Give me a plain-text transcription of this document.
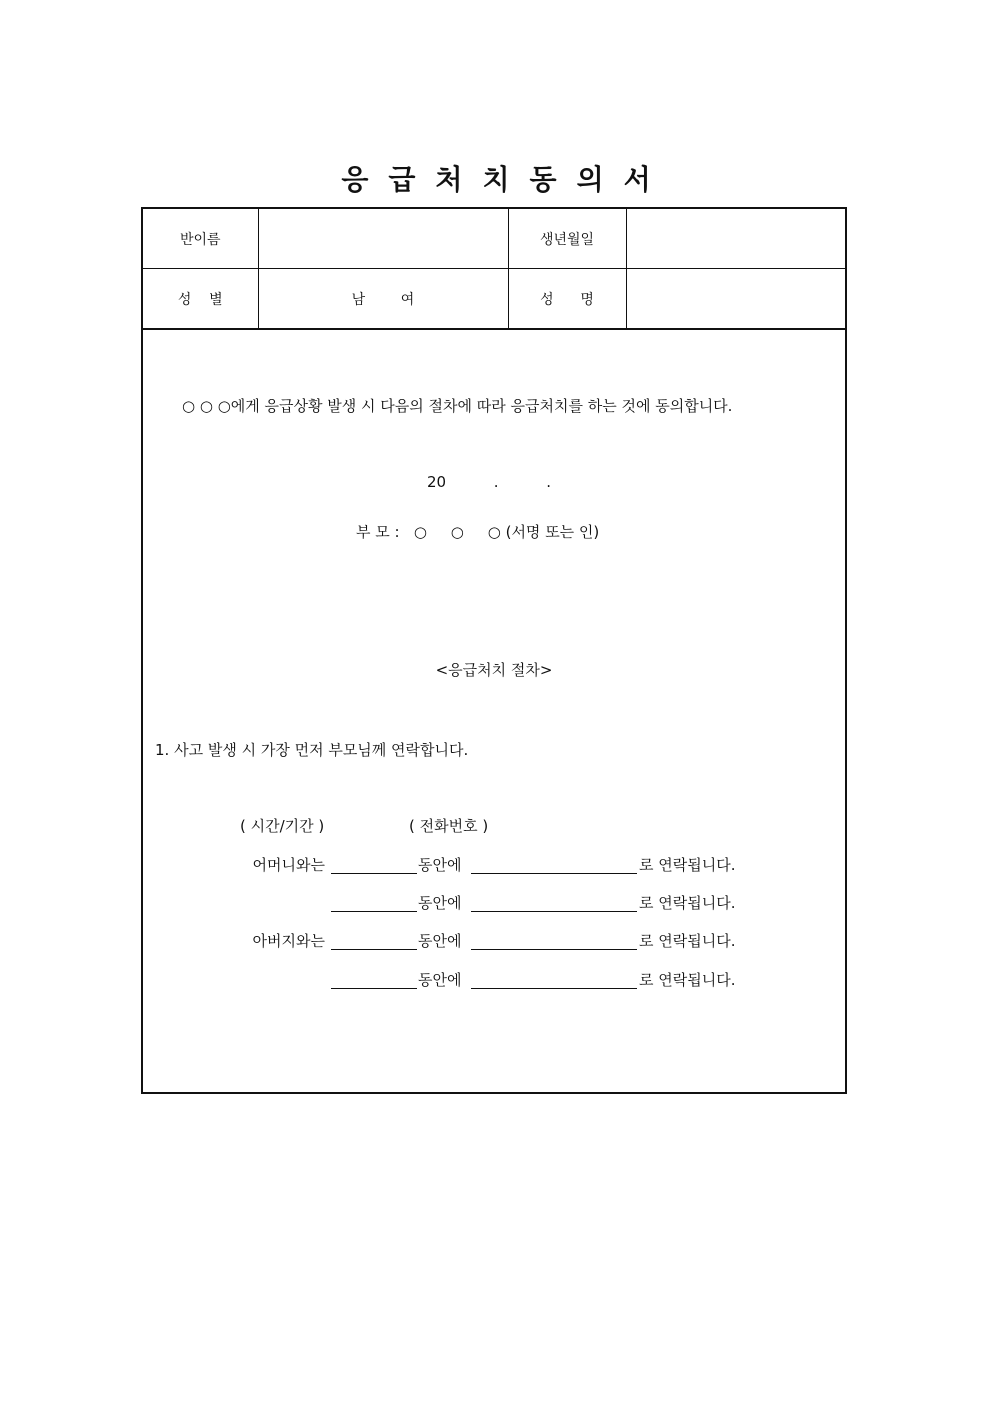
응급처치동의서
반이름		생년월일	
성    별	남        여	성      명	
○ ○ ○에게 응급상황 발생 시 다음의 절차에 따라 응급처치를 하는 것에 동의합니다.
20          .          .
부 모 :   ○     ○     ○ (서명 또는 인)
<응급처치 절차>
1. 사고 발생 시 가장 먼저 부모님께 연락합니다.
( 시간/기간 )	( 전화번호 )
어머니와는	동안에	로 연락됩니다.
동안에	로 연락됩니다.
아버지와는	동안에	로 연락됩니다.
동안에	로 연락됩니다.
